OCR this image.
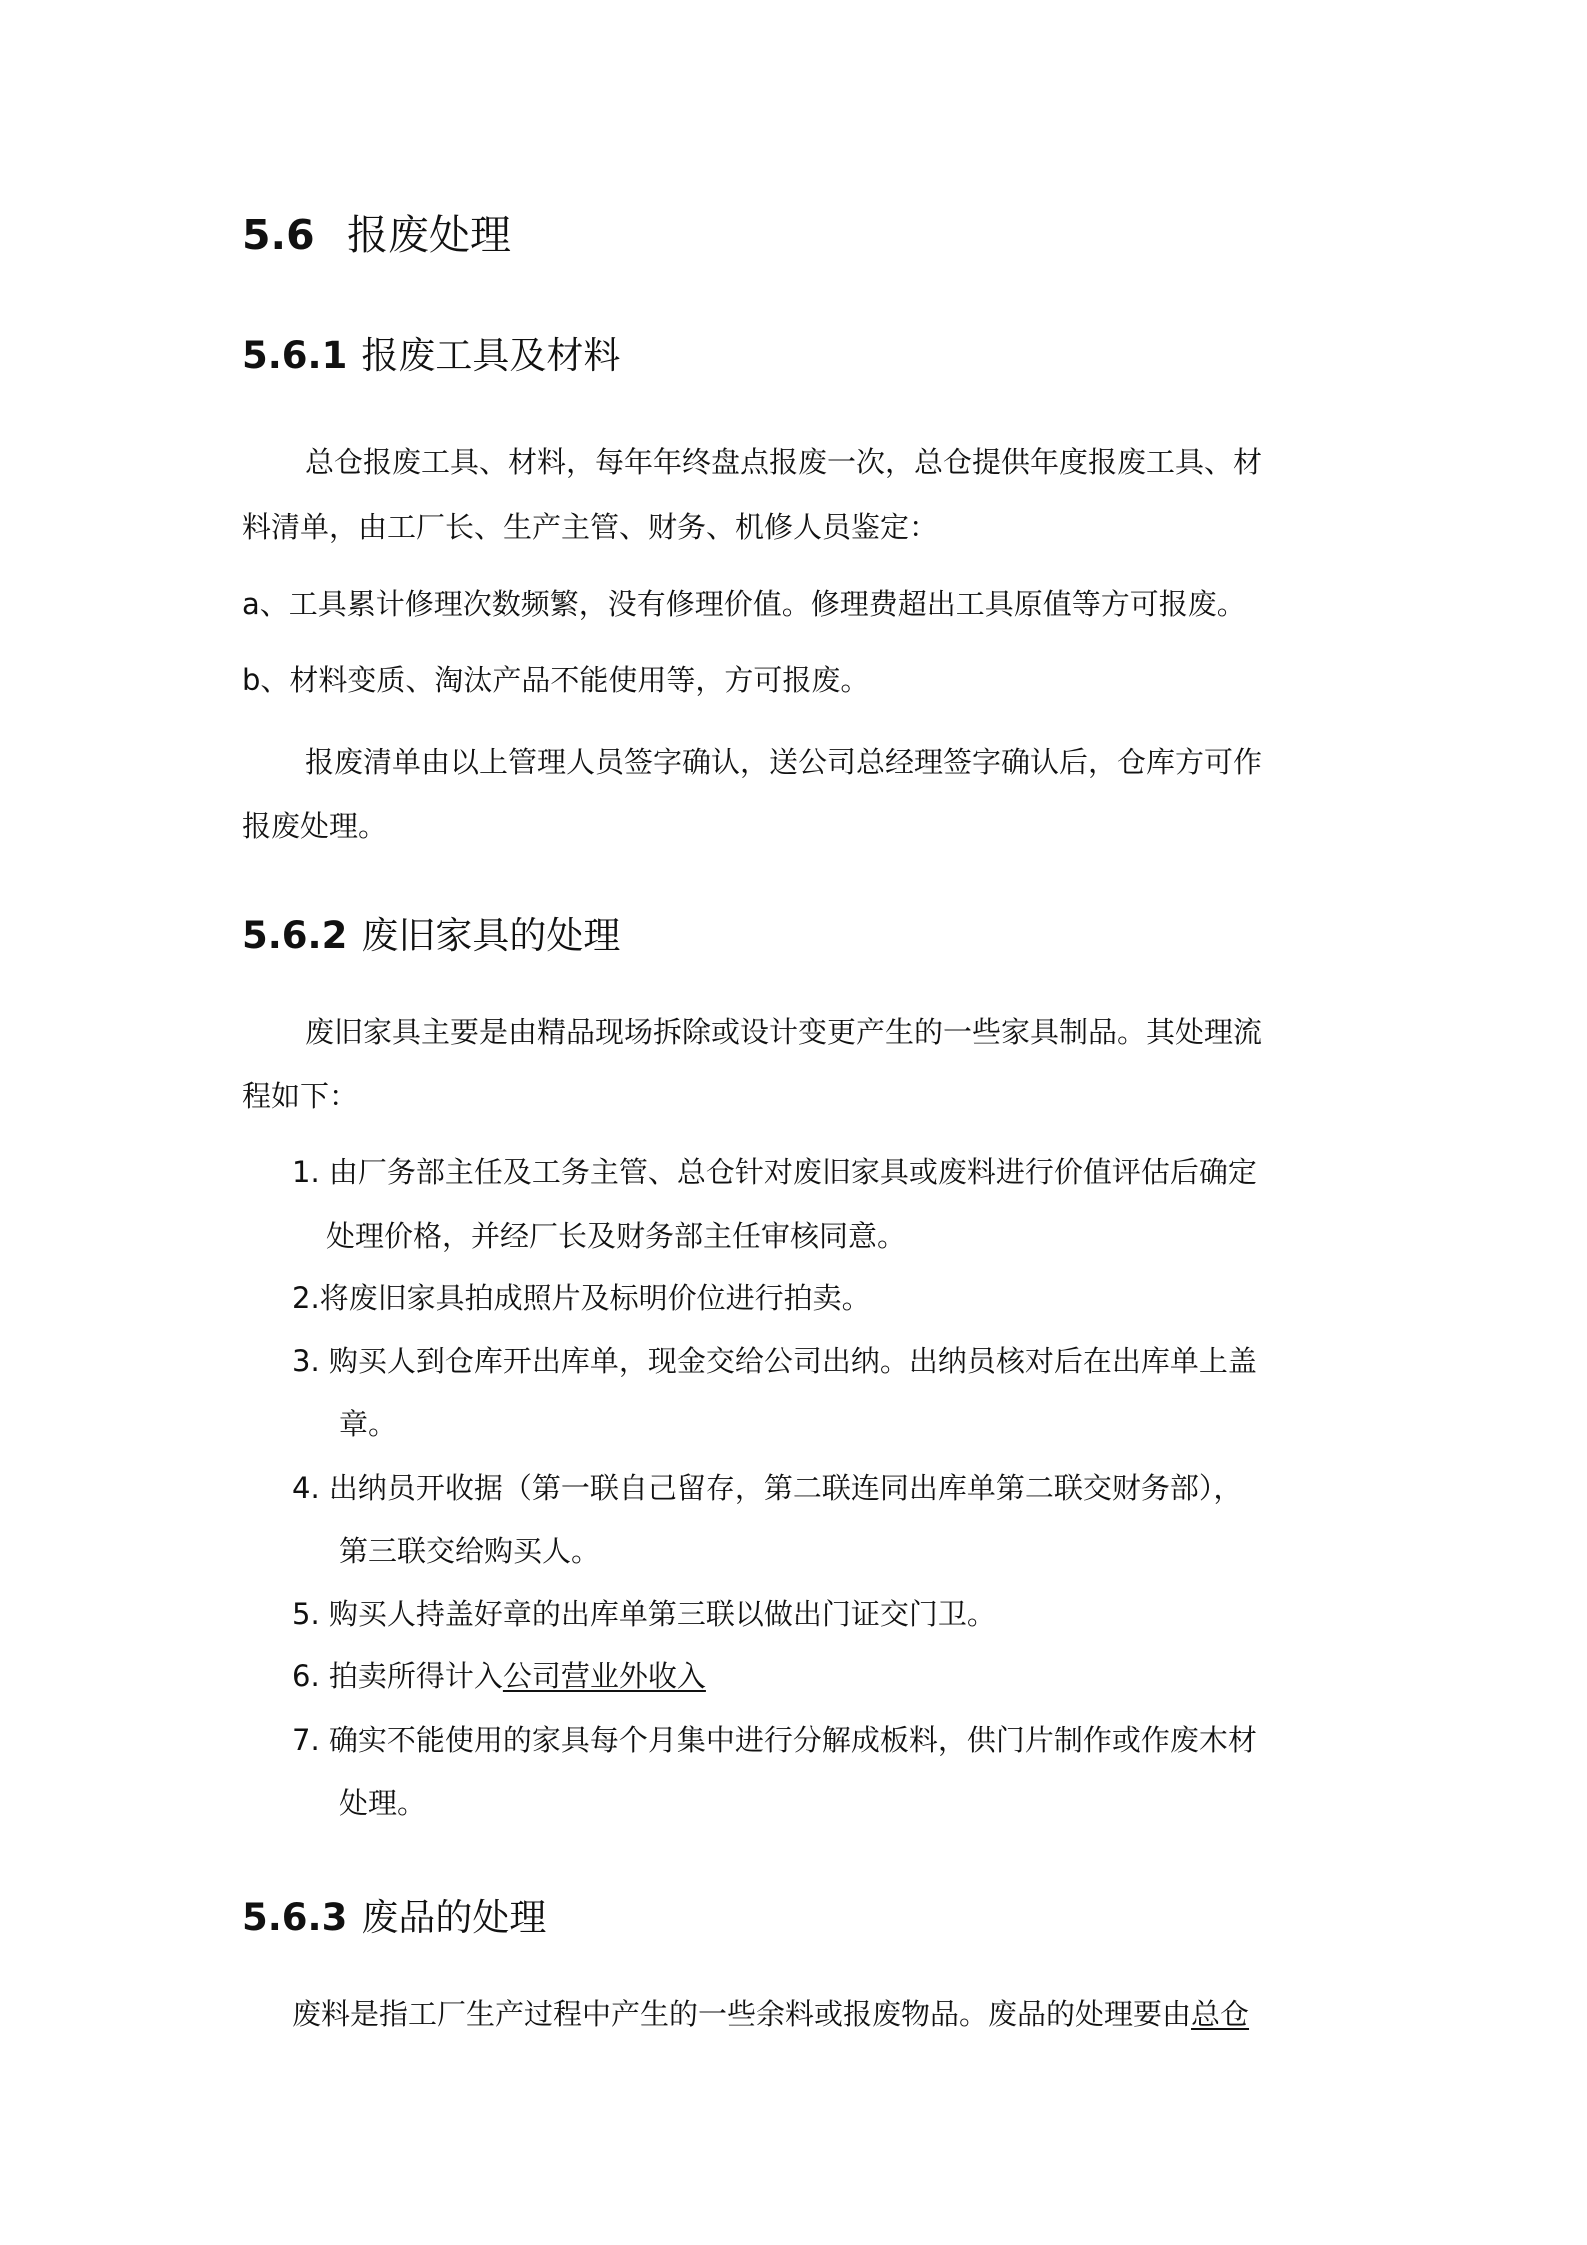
5.6 报废处理
5.6.1 报废工具及材料

总仓报废工具、材料，每年年终盘点报废一次，总仓提供年度报废工具、材

料清单，由工厂长、生产主管、财务、机修人员鉴定：

a、工具累计修理次数频繁，没有修理价值。修理费超出工具原值等方可报废。

b、材料变质、淘汰产品不能使用等，方可报废。

报废清单由以上管理人员签字确认，送公司总经理签字确认后，仓库方可作

报废处理。

5.6.2 废旧家具的处理

废旧家具主要是由精品现场拆除或设计变更产生的一些家具制品。其处理流

程如下：

1. 由厂务部主任及工务主管、总仓针对废旧家具或废料进行价值评估后确定

处理价格，并经厂长及财务部主任审核同意。

2.将废旧家具拍成照片及标明价位进行拍卖。

3. 购买人到仓库开出库单，现金交给公司出纳。出纳员核对后在出库单上盖

章。

4. 出纳员开收据（第一联自己留存，第二联连同出库单第二联交财务部），

第三联交给购买人。

5. 购买人持盖好章的出库单第三联以做出门证交门卫。

6. 拍卖所得计入公司营业外收入

7. 确实不能使用的家具每个月集中进行分解成板料，供门片制作或作废木材

处理。

5.6.3 废品的处理

废料是指工厂生产过程中产生的一些余料或报废物品。废品的处理要由总仓
